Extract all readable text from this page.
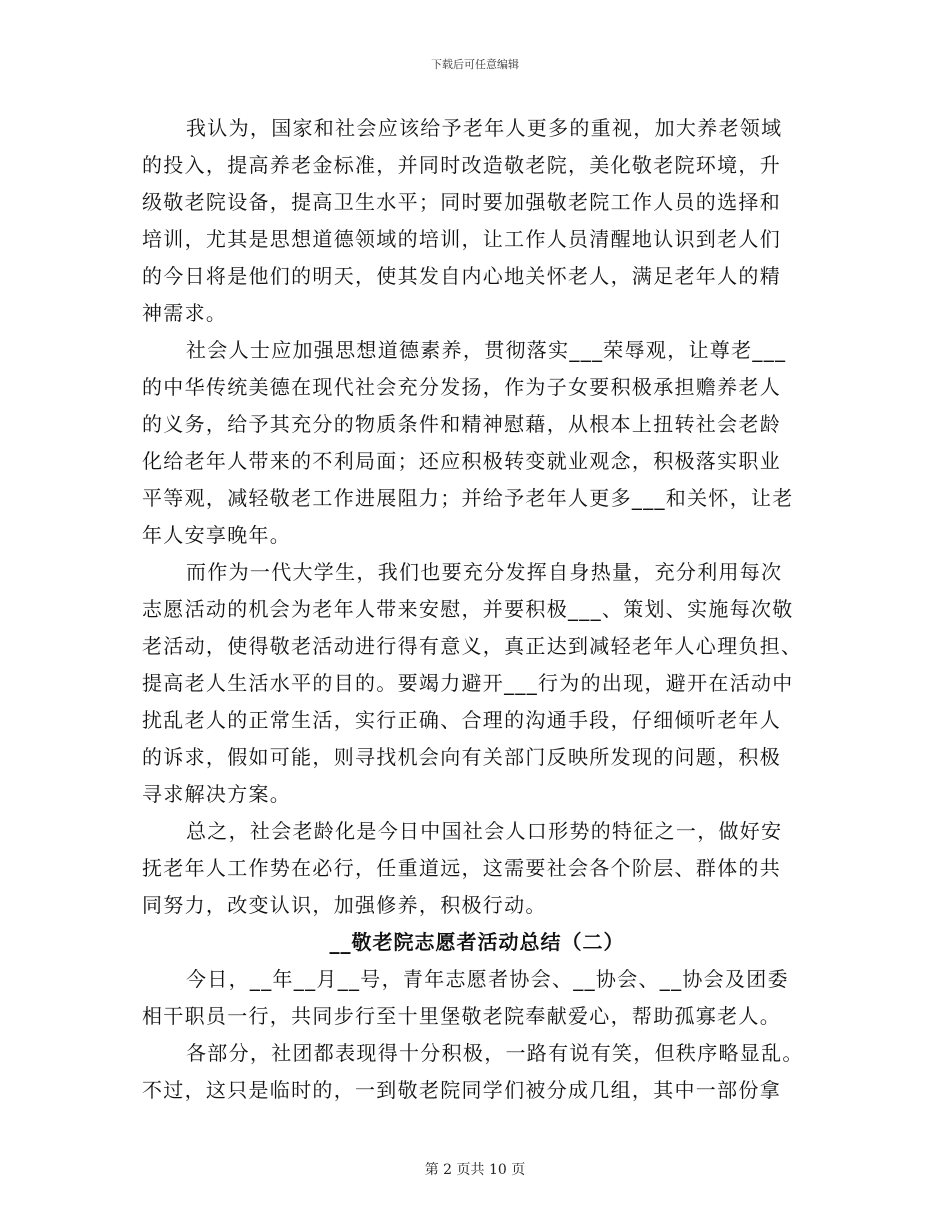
下载后可任意编辑
我认为，国家和社会应该给予老年人更多的重视，加大养老领域
的投入，提高养老金标准，并同时改造敬老院，美化敬老院环境，升
级敬老院设备，提高卫生水平；同时要加强敬老院工作人员的选择和
培训，尤其是思想道德领域的培训，让工作人员清醒地认识到老人们
的今日将是他们的明天，使其发自内心地关怀老人，满足老年人的精
神需求。
社会人士应加强思想道德素养，贯彻落实___荣辱观，让尊老___
的中华传统美德在现代社会充分发扬，作为子女要积极承担赡养老人
的义务，给予其充分的物质条件和精神慰藉，从根本上扭转社会老龄
化给老年人带来的不利局面；还应积极转变就业观念，积极落实职业
平等观，减轻敬老工作进展阻力；并给予老年人更多___和关怀，让老
年人安享晚年。
而作为一代大学生，我们也要充分发挥自身热量，充分利用每次
志愿活动的机会为老年人带来安慰，并要积极___、策划、实施每次敬
老活动，使得敬老活动进行得有意义，真正达到减轻老年人心理负担、
提高老人生活水平的目的。要竭力避开___行为的出现，避开在活动中
扰乱老人的正常生活，实行正确、合理的沟通手段，仔细倾听老年人
的诉求，假如可能，则寻找机会向有关部门反映所发现的问题，积极
寻求解决方案。
总之，社会老龄化是今日中国社会人口形势的特征之一，做好安
抚老年人工作势在必行，任重道远，这需要社会各个阶层、群体的共
同努力，改变认识，加强修养，积极行动。
__敬老院志愿者活动总结（二）
今日，__年__月__号，青年志愿者协会、__协会、__协会及团委
相干职员一行，共同步行至十里堡敬老院奉献爱心，帮助孤寡老人。
各部分，社团都表现得十分积极，一路有说有笑，但秩序略显乱。
不过，这只是临时的，一到敬老院同学们被分成几组，其中一部份拿
第 2 页共 10 页
